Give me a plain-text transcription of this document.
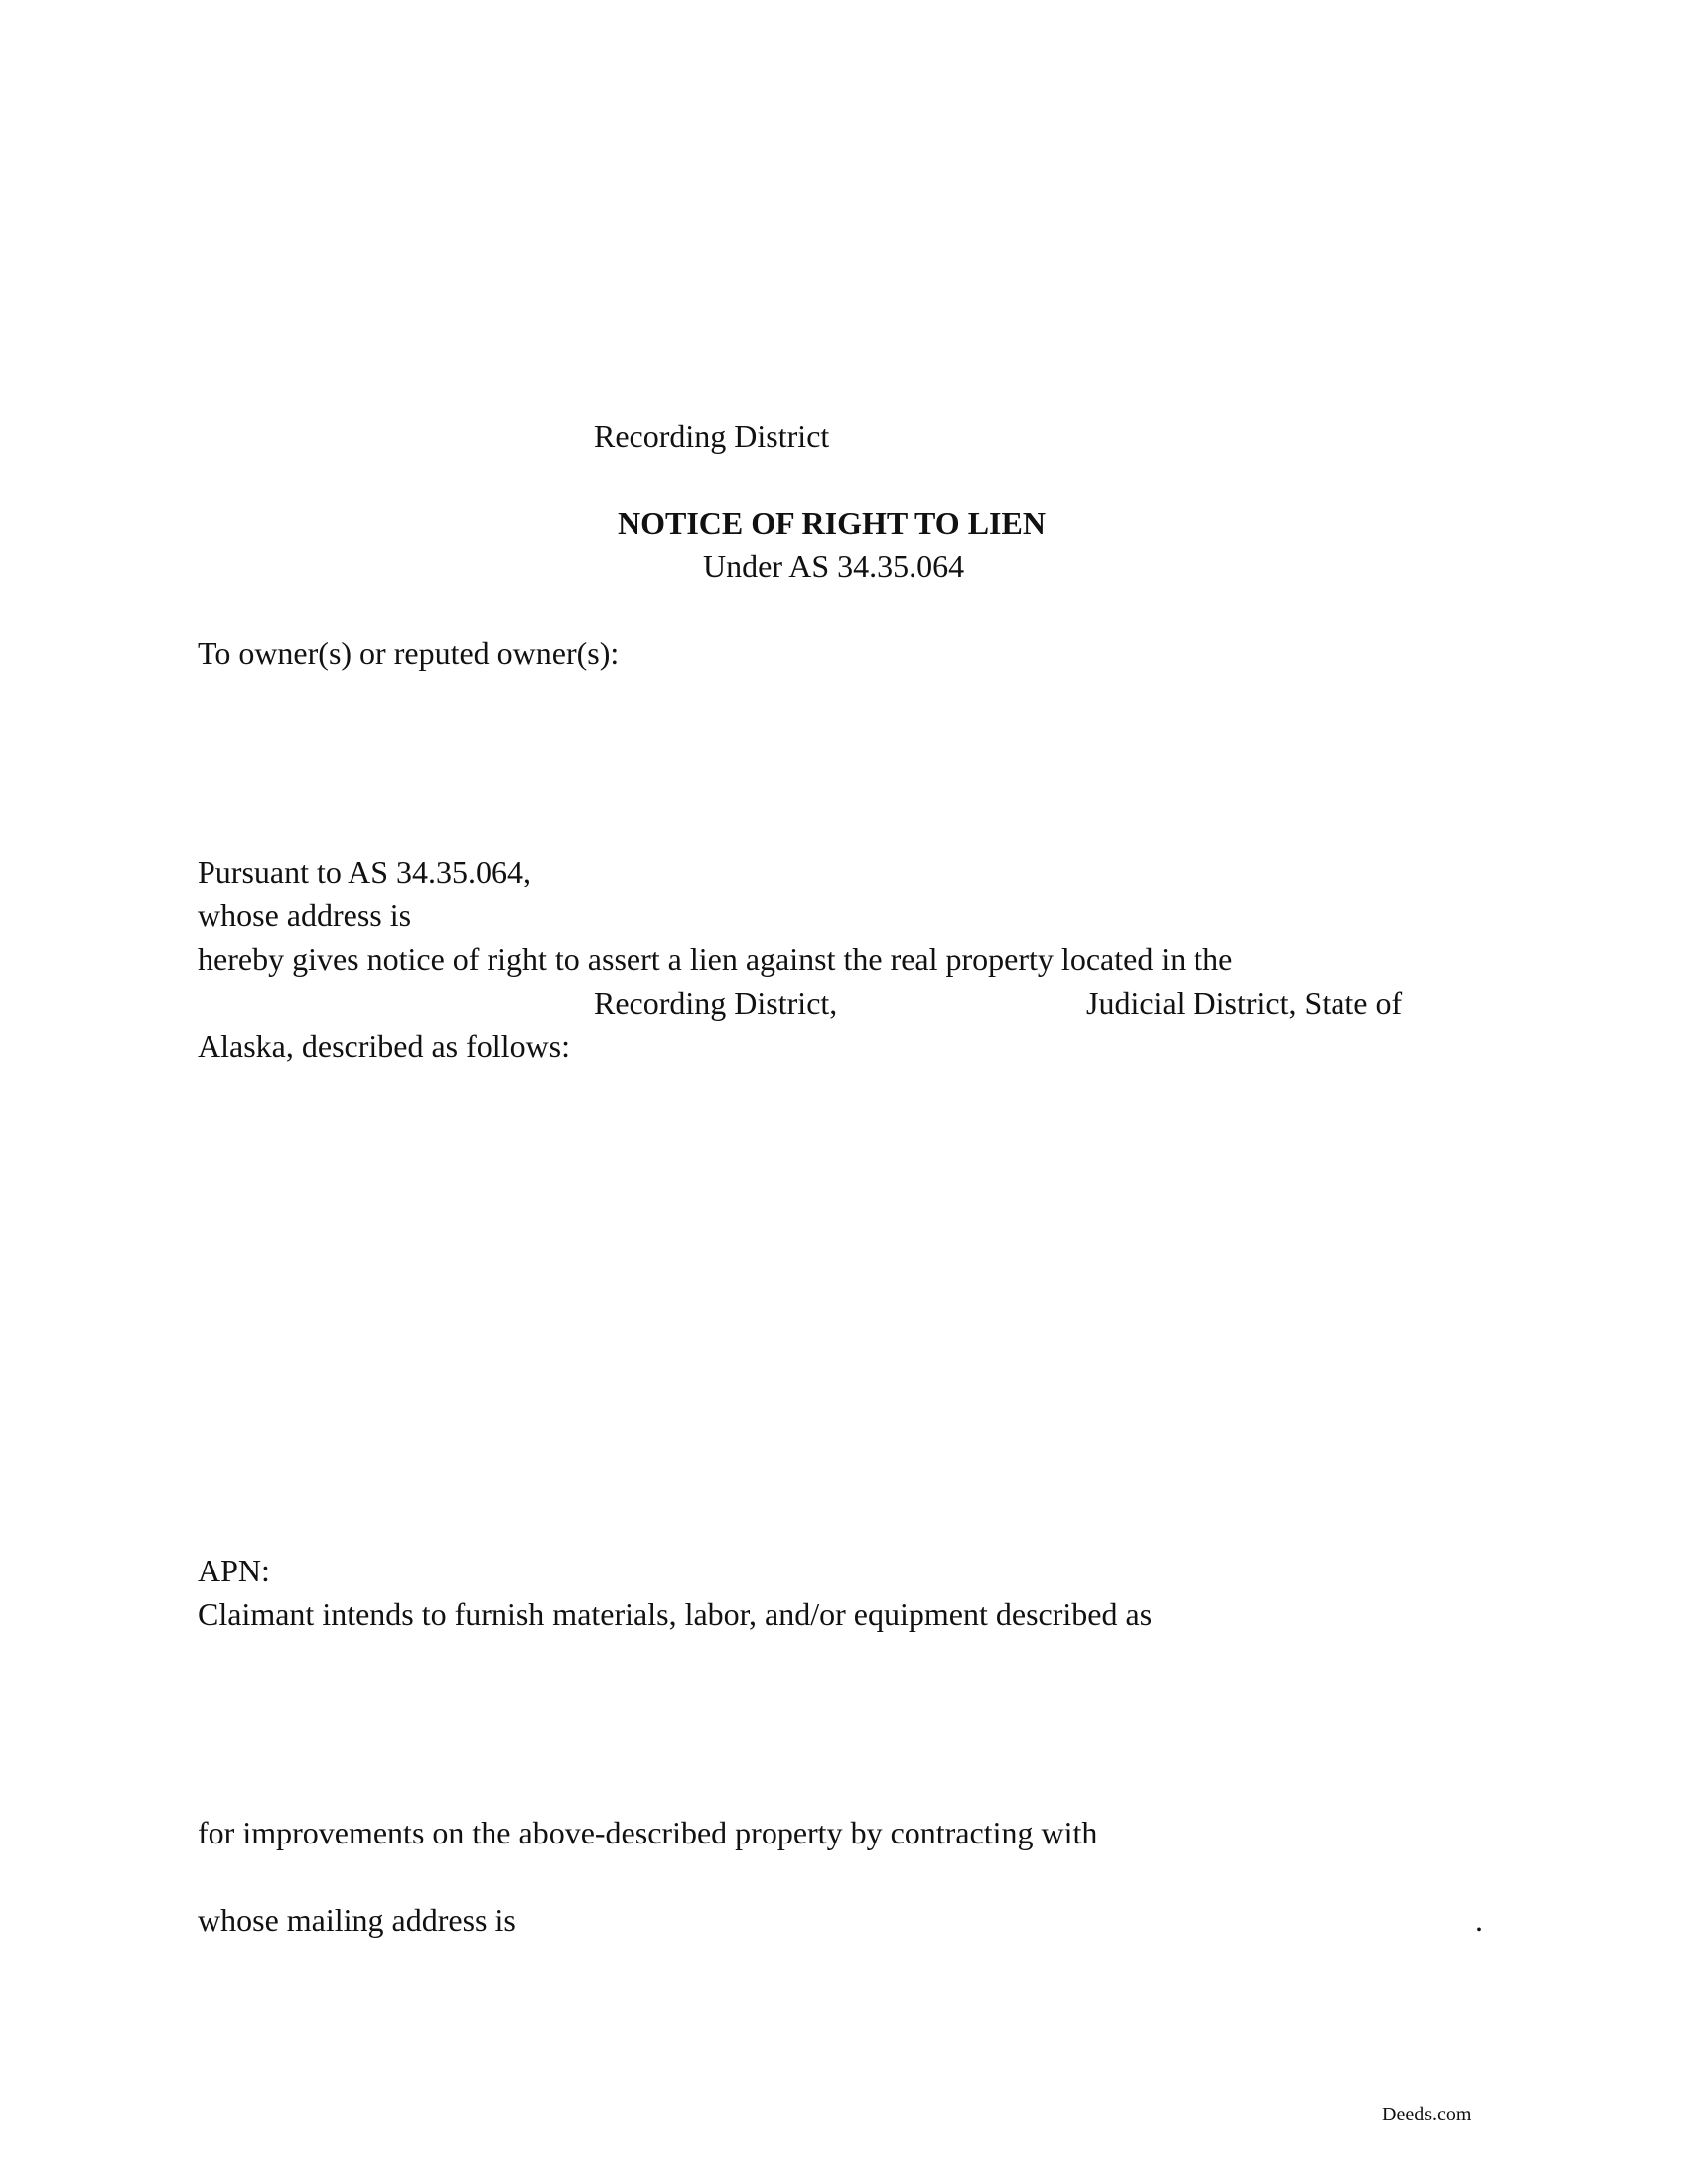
Recording District
NOTICE OF RIGHT TO LIEN
Under AS 34.35.064
To owner(s) or reputed owner(s):
Pursuant to AS 34.35.064,
whose address is
hereby gives notice of right to assert a lien against the real property located in the
Recording District,	Judicial District, State of
Alaska, described as follows:
APN:
Claimant intends to furnish materials, labor, and/or equipment described as
for improvements on the above-described property by contracting with
whose mailing address is	.
Deeds.com
